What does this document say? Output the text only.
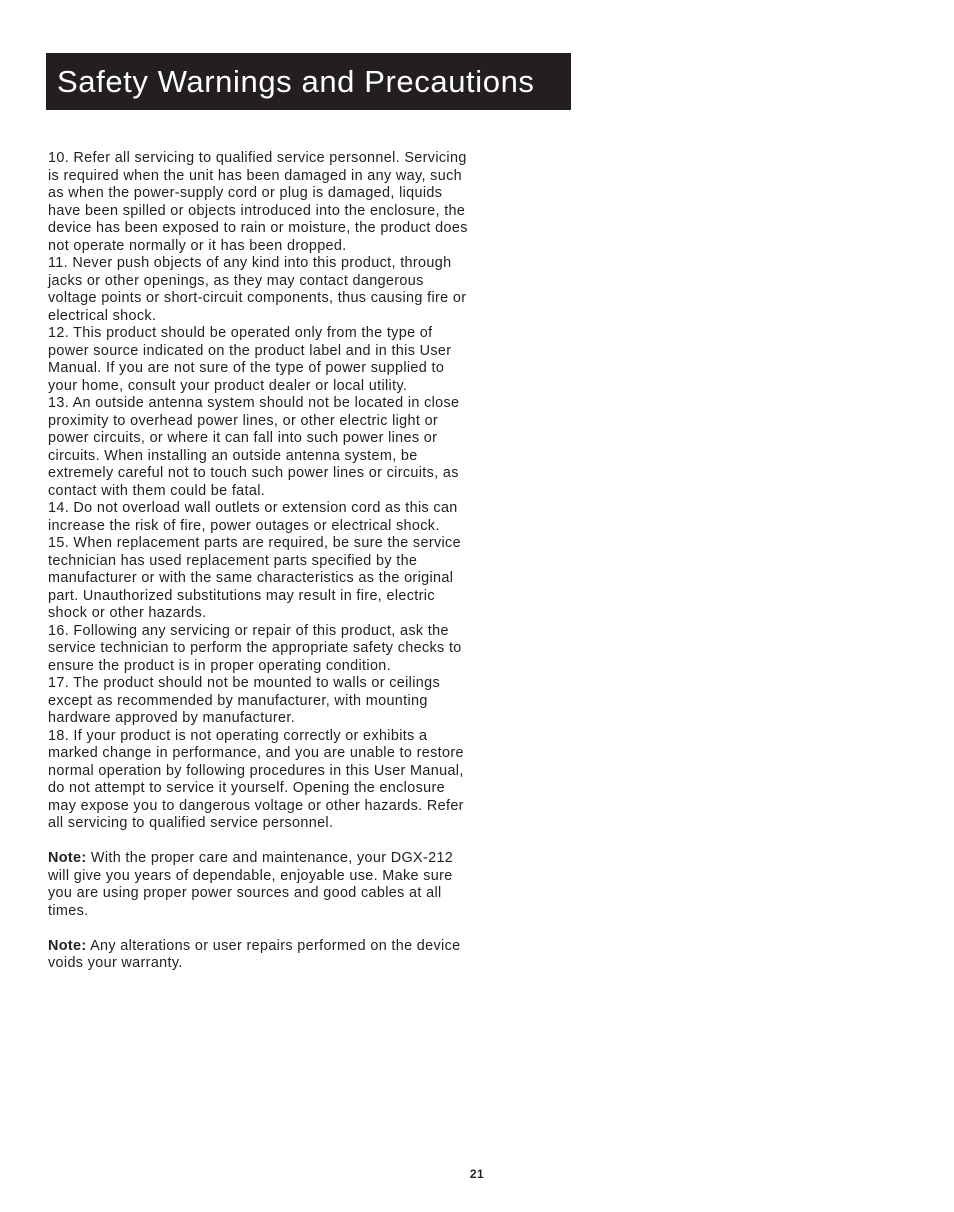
Safety Warnings and Precautions

10. Refer all servicing to qualified service personnel. Servicing is required when the unit has been damaged in any way, such as when the power-supply cord or plug is damaged, liquids have been spilled or objects introduced into the enclosure, the device has been exposed to rain or moisture, the product does not operate normally or it has been dropped.

11. Never push objects of any kind into this product, through jacks or other openings, as they may contact dangerous voltage points or short-circuit components, thus causing fire or electrical shock.

12. This product should be operated only from the type of power source indicated on the product label and in this User Manual. If you are not sure of the type of power supplied to your home, consult your product dealer or local utility.

13. An outside antenna system should not be located in close proximity to overhead power lines, or other electric light or power circuits, or where it can fall into such power lines or circuits. When installing an outside antenna system, be extremely careful not to touch such power lines or circuits, as contact with them could be fatal.

14. Do not overload wall outlets or extension cord as this can increase the risk of fire, power outages or electrical shock.

15. When replacement parts are required, be sure the service technician has used replacement parts specified by the manufacturer or with the same characteristics as the original part. Unauthorized substitutions may result in fire, electric shock or other hazards.

16. Following any servicing or repair of this product, ask the service technician to perform the appropriate safety checks to ensure the product is in proper operating condition.

17. The product should not be mounted to walls or ceilings except as recommended by manufacturer, with mounting hardware approved by manufacturer.

18. If your product is not operating correctly or exhibits a marked change in performance, and you are unable to restore normal operation by following procedures in this User Manual, do not attempt to service it yourself. Opening the enclosure may expose you to dangerous voltage or other hazards. Refer all servicing to qualified service personnel.

Note: With the proper care and maintenance, your DGX-212 will give you years of dependable, enjoyable use. Make sure you are using proper power sources and good cables at all times.

Note: Any alterations or user repairs performed on the device voids your warranty.

21
